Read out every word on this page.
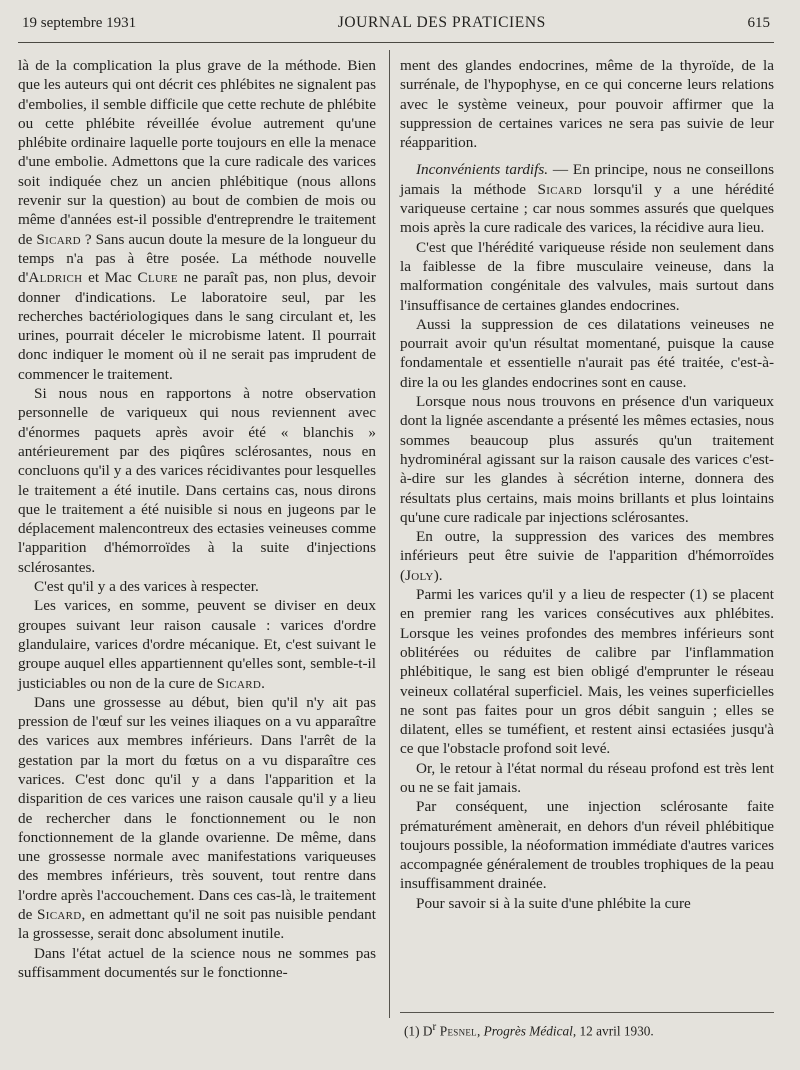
19 septembre 1931	JOURNAL DES PRATICIENS	615

là de la complication la plus grave de la méthode. Bien que les auteurs qui ont décrit ces phlébites ne signalent pas d'embolies, il semble difficile que cette rechute de phlébite ou cette phlébite réveillée évolue autrement qu'une phlébite ordinaire laquelle porte toujours en elle la menace d'une embolie. Admettons que la cure radicale des varices soit indiquée chez un ancien phlébitique (nous allons revenir sur la question) au bout de combien de mois ou même d'années est-il possible d'entreprendre le traitement de Sicard ? Sans aucun doute la mesure de la longueur du temps n'a pas à être posée. La méthode nouvelle d'Aldrich et Mac Clure ne paraît pas, non plus, devoir donner d'indications. Le laboratoire seul, par les recherches bactériologiques dans le sang circulant et, les urines, pourrait déceler le microbisme latent. Il pourrait donc indiquer le moment où il ne serait pas imprudent de commencer le traitement.

Si nous nous en rapportons à notre observation personnelle de variqueux qui nous reviennent avec d'énormes paquets après avoir été « blanchis » antérieurement par des piqûres sclérosantes, nous en concluons qu'il y a des varices récidivantes pour lesquelles le traitement a été inutile. Dans certains cas, nous dirons que le traitement a été nuisible si nous en jugeons par le déplacement malencontreux des ectasies veineuses comme l'apparition d'hémorroïdes à la suite d'injections sclérosantes.

C'est qu'il y a des varices à respecter.

Les varices, en somme, peuvent se diviser en deux groupes suivant leur raison causale : varices d'ordre glandulaire, varices d'ordre mécanique. Et, c'est suivant le groupe auquel elles appartiennent qu'elles sont, semble-t-il justiciables ou non de la cure de Sicard.

Dans une grossesse au début, bien qu'il n'y ait pas pression de l'œuf sur les veines iliaques on a vu apparaître des varices aux membres inférieurs. Dans l'arrêt de la gestation par la mort du fœtus on a vu disparaître ces varices. C'est donc qu'il y a dans l'apparition et la disparition de ces varices une raison causale qu'il y a lieu de rechercher dans le fonctionnement ou le non fonctionnement de la glande ovarienne. De même, dans une grossesse normale avec manifestations variqueuses des membres inférieurs, très souvent, tout rentre dans l'ordre après l'accouchement. Dans ces cas-là, le traitement de Sicard, en admettant qu'il ne soit pas nuisible pendant la grossesse, serait donc absolument inutile.

Dans l'état actuel de la science nous ne sommes pas suffisamment documentés sur le fonctionne-

ment des glandes endocrines, même de la thyroïde, de la surrénale, de l'hypophyse, en ce qui concerne leurs relations avec le système veineux, pour pouvoir affirmer que la suppression de certaines varices ne sera pas suivie de leur réapparition.

Inconvénients tardifs. — En principe, nous ne conseillons jamais la méthode Sicard lorsqu'il y a une hérédité variqueuse certaine ; car nous sommes assurés que quelques mois après la cure radicale des varices, la récidive aura lieu.

C'est que l'hérédité variqueuse réside non seulement dans la faiblesse de la fibre musculaire veineuse, dans la malformation congénitale des valvules, mais surtout dans l'insuffisance de certaines glandes endocrines.

Aussi la suppression de ces dilatations veineuses ne pourrait avoir qu'un résultat momentané, puisque la cause fondamentale et essentielle n'aurait pas été traitée, c'est-à-dire la ou les glandes endocrines sont en cause.

Lorsque nous nous trouvons en présence d'un variqueux dont la lignée ascendante a présenté les mêmes ectasies, nous sommes beaucoup plus assurés qu'un traitement hydrominéral agissant sur la raison causale des varices c'est-à-dire sur les glandes à sécrétion interne, donnera des résultats plus certains, mais moins brillants et plus lointains qu'une cure radicale par injections sclérosantes.

En outre, la suppression des varices des membres inférieurs peut être suivie de l'apparition d'hémorroïdes (Joly).

Parmi les varices qu'il y a lieu de respecter (1) se placent en premier rang les varices consécutives aux phlébites. Lorsque les veines profondes des membres inférieurs sont oblitérées ou réduites de calibre par l'inflammation phlébitique, le sang est bien obligé d'emprunter le réseau veineux collatéral superficiel. Mais, les veines superficielles ne sont pas faites pour un gros débit sanguin ; elles se dilatent, elles se tuméfient, et restent ainsi ectasiées jusqu'à ce que l'obstacle profond soit levé.

Or, le retour à l'état normal du réseau profond est très lent ou ne se fait jamais.

Par conséquent, une injection sclérosante faite prématurément amènerait, en dehors d'un réveil phlébitique toujours possible, la néoformation immédiate d'autres varices accompagnée généralement de troubles trophiques de la peau insuffisamment drainée.

Pour savoir si à la suite d'une phlébite la cure

(1) $D^r$ Pesnel, Progrès Médical, 12 avril 1930.
